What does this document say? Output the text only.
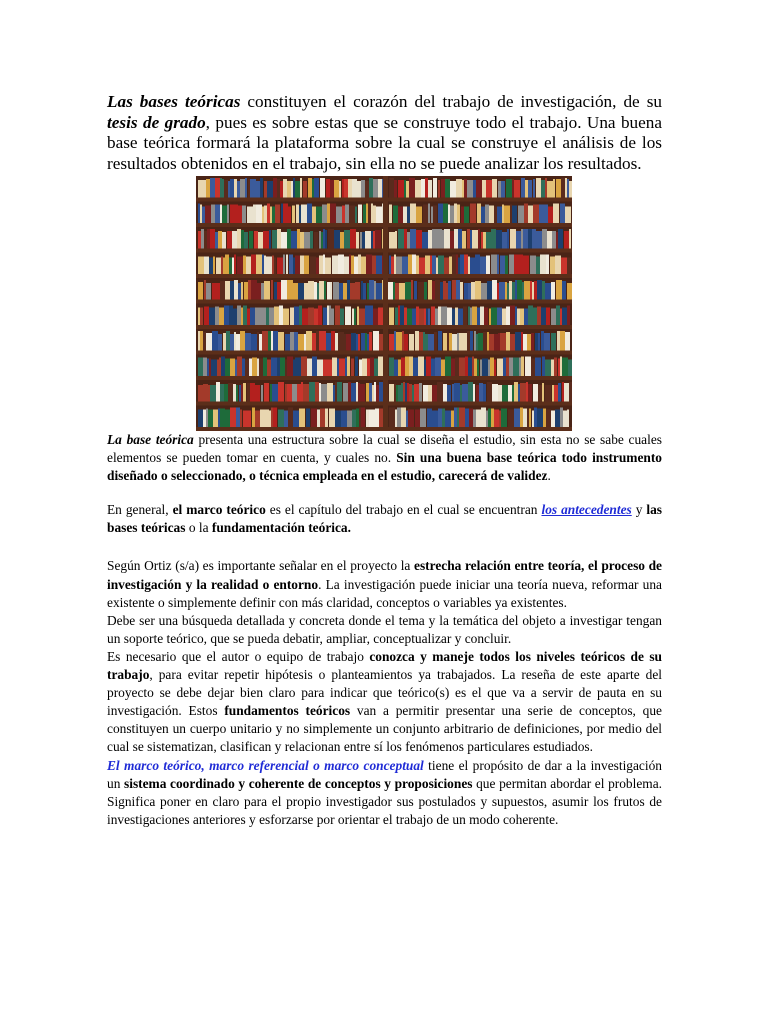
Las bases teóricas constituyen el corazón del trabajo de investigación, de su tesis de grado, pues es sobre estas que se construye todo el trabajo. Una buena base teórica formará la plataforma sobre la cual se construye el análisis de los resultados obtenidos en el trabajo, sin ella no se puede analizar los resultados.

La base teórica presenta una estructura sobre la cual se diseña el estudio, sin esta no se sabe cuales elementos se pueden tomar en cuenta, y cuales no. Sin una buena base teórica todo instrumento diseñado o seleccionado, o técnica empleada en el estudio, carecerá de validez.

En general, el marco teórico es el capítulo del trabajo en el cual se encuentran los antecedentes y las bases teóricas o la fundamentación teórica.

Según Ortiz (s/a) es importante señalar en el proyecto la estrecha relación entre teoría, el proceso de investigación y la realidad o entorno. La investigación puede iniciar una teoría nueva, reformar una existente o simplemente definir con más claridad, conceptos o variables ya existentes.

Debe ser una búsqueda detallada y concreta donde el tema y la temática del objeto a investigar tengan un soporte teórico, que se pueda debatir, ampliar, conceptualizar y concluir.

Es necesario que el autor o equipo de trabajo conozca y maneje todos los niveles teóricos de su trabajo, para evitar repetir hipótesis o planteamientos ya trabajados. La reseña de este aparte del proyecto se debe dejar bien claro para indicar que teórico(s) es el que va a servir de pauta en su investigación. Estos fundamentos teóricos van a permitir presentar una serie de conceptos, que constituyen un cuerpo unitario y no simplemente un conjunto arbitrario de definiciones, por medio del cual se sistematizan, clasifican y relacionan entre sí los fenómenos particulares estudiados.

El marco teórico, marco referencial o marco conceptual tiene el propósito de dar a la investigación un sistema coordinado y coherente de conceptos y proposiciones que permitan abordar el problema. Significa poner en claro para el propio investigador sus postulados y supuestos, asumir los frutos de investigaciones anteriores y esforzarse por orientar el trabajo de un modo coherente.
